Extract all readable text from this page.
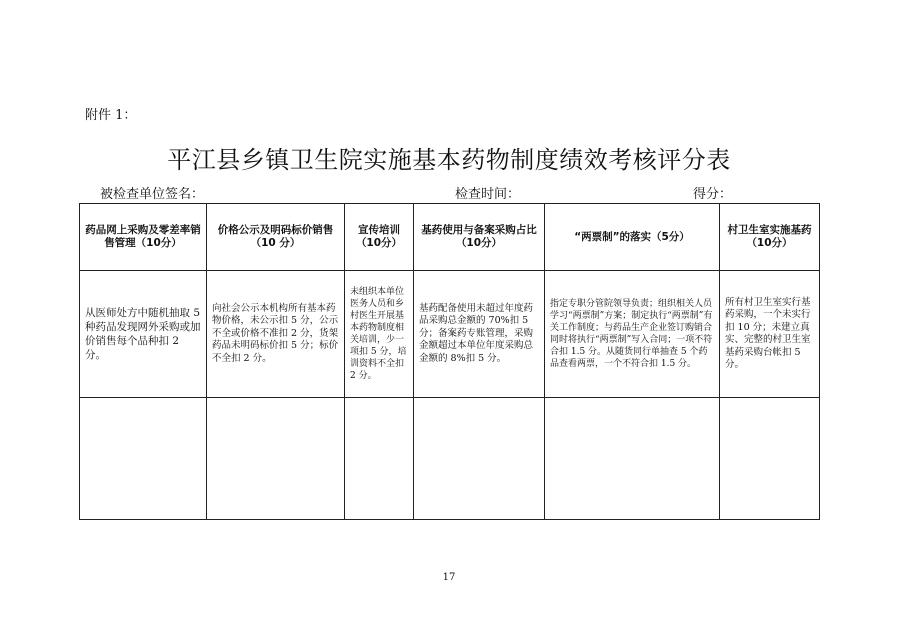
附件 1：
平江县乡镇卫生院实施基本药物制度绩效考核评分表
被检查单位签名：	检查时间：	得分：
药品网上采购及零差率销售管理（10分）	价格公示及明码标价销售（10 分）	宣传培训（10分）	基药使用与备案采购占比（10分）	“两票制”的落实（5分）	村卫生室实施基药（10分）
从医师处方中随机抽取 5 种药品发现网外采购或加价销售每个品种扣 2 分。	向社会公示本机构所有基本药物价格，未公示扣 5 分，公示不全或价格不准扣 2 分，货架药品未明码标价扣 5 分；标价不全扣 2 分。	未组织本单位医务人员和乡村医生开展基本药物制度相关培训，少一项扣 5 分，培训资料不全扣 2 分。	基药配备使用未超过年度药品采购总金额的 70%扣 5 分；备案药专账管理，采购金额超过本单位年度采购总金额的 8%扣 5 分。	指定专职分管院领导负责；组织相关人员学习“两票制”方案；制定执行“两票制”有关工作制度；与药品生产企业签订购销合同时将执行“两票制”写入合同；一项不符合扣 1.5 分。从随货同行单抽查 5 个药品查看两票，一个不符合扣 1.5 分。	所有村卫生室实行基药采购，一个未实行扣 10 分；未建立真实、完整的村卫生室基药采购台帐扣 5 分。

17
